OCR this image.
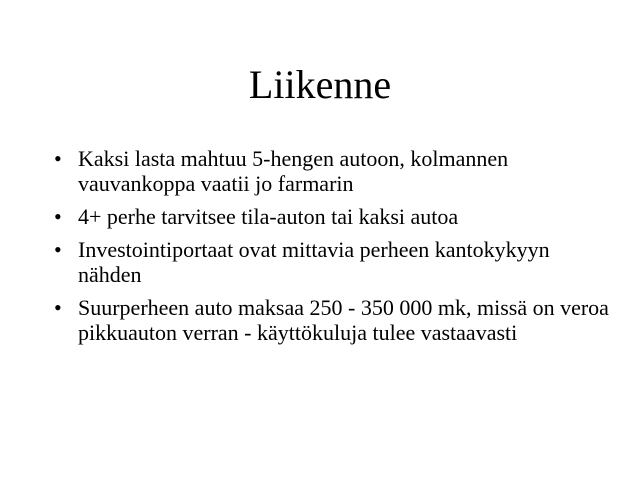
Liikenne
• Kaksi lasta mahtuu 5-hengen autoon, kolmannen vauvankoppa vaatii jo farmarin
• 4+ perhe tarvitsee tila-auton tai kaksi autoa
• Investointiportaat ovat mittavia perheen kantokykyyn nähden
• Suurperheen auto maksaa 250 - 350 000 mk, missä on veroa pikkuauton verran - käyttökuluja tulee vastaavasti
